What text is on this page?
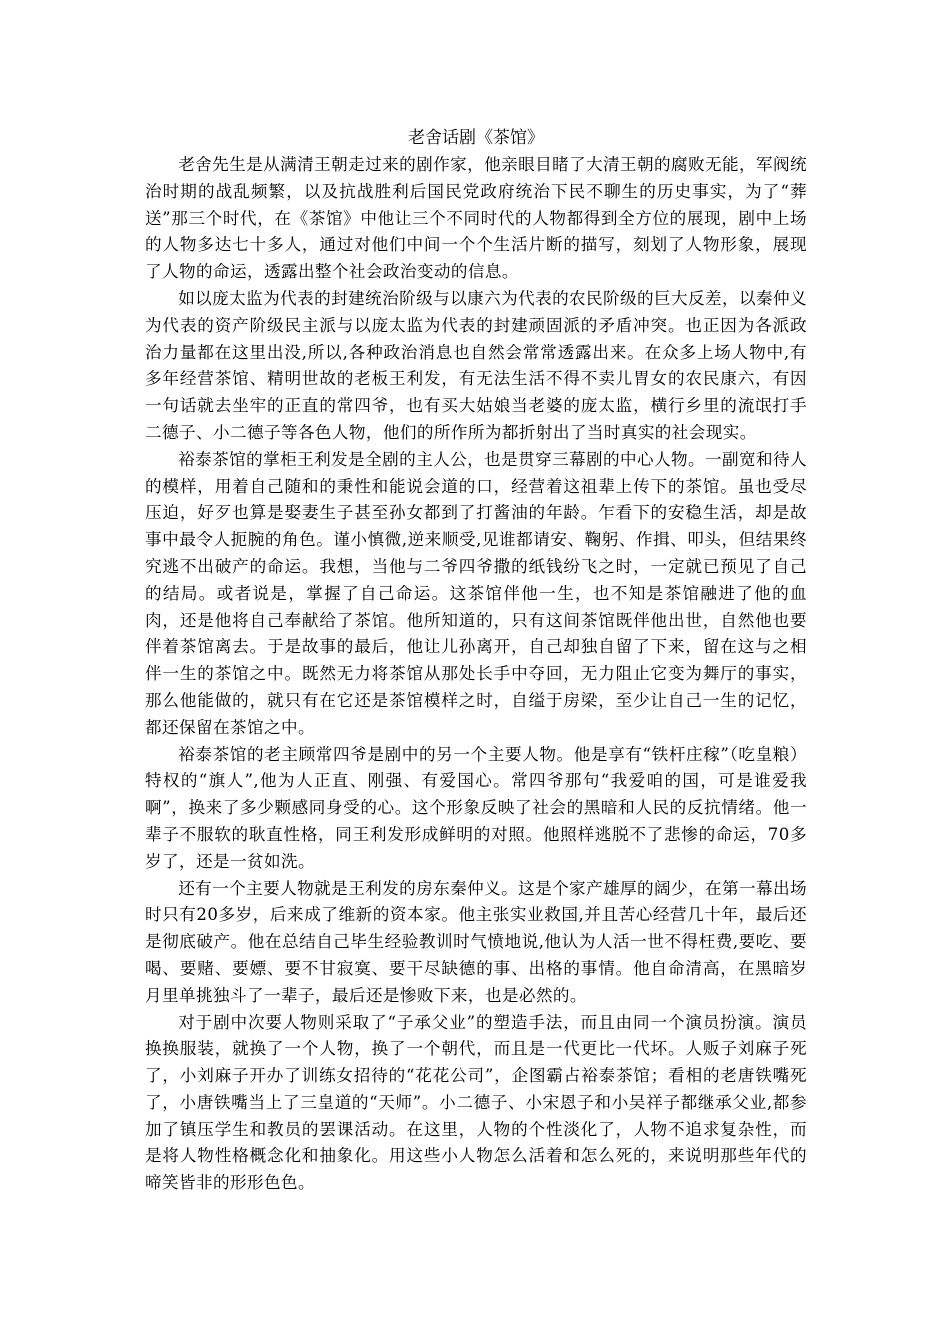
老舍话剧《茶馆》

老舍先生是从满清王朝走过来的剧作家，他亲眼目睹了大清王朝的腐败无能，军阀统治时期的战乱频繁，以及抗战胜利后国民党政府统治下民不聊生的历史事实，为了“葬送”那三个时代，在《茶馆》中他让三个不同时代的人物都得到全方位的展现，剧中上场的人物多达七十多人，通过对他们中间一个个生活片断的描写，刻划了人物形象，展现了人物的命运，透露出整个社会政治变动的信息。

如以庞太监为代表的封建统治阶级与以康六为代表的农民阶级的巨大反差，以秦仲义为代表的资产阶级民主派与以庞太监为代表的封建顽固派的矛盾冲突。也正因为各派政治力量都在这里出没,所以,各种政治消息也自然会常常透露出来。在众多上场人物中,有多年经营茶馆、精明世故的老板王利发，有无法生活不得不卖儿胃女的农民康六，有因一句话就去坐牢的正直的常四爷，也有买大姑娘当老婆的庞太监，横行乡里的流氓打手二德子、小二德子等各色人物，他们的所作所为都折射出了当时真实的社会现实。

裕泰茶馆的掌柜王利发是全剧的主人公，也是贯穿三幕剧的中心人物。一副宽和待人的模样，用着自己随和的秉性和能说会道的口，经营着这祖辈上传下的茶馆。虽也受尽压迫，好歹也算是娶妻生子甚至孙女都到了打酱油的年龄。乍看下的安稳生活，却是故事中最令人扼腕的角色。谨小慎微,逆来顺受,见谁都请安、鞠躬、作揖、叩头，但结果终究逃不出破产的命运。我想，当他与二爷四爷撒的纸钱纷飞之时，一定就已预见了自己的结局。或者说是，掌握了自己命运。这茶馆伴他一生，也不知是茶馆融进了他的血肉，还是他将自己奉献给了茶馆。他所知道的，只有这间茶馆既伴他出世，自然他也要伴着茶馆离去。于是故事的最后，他让儿孙离开，自己却独自留了下来，留在这与之相伴一生的茶馆之中。既然无力将茶馆从那处长手中夺回，无力阻止它变为舞厅的事实，那么他能做的，就只有在它还是茶馆模样之时，自缢于房梁，至少让自己一生的记忆，都还保留在茶馆之中。

裕泰茶馆的老主顾常四爷是剧中的另一个主要人物。他是享有“铁杆庄稼”（吃皇粮）特权的“旗人”,他为人正直、刚强、有爱国心。常四爷那句“我爱咱的国，可是谁爱我啊”，换来了多少颗感同身受的心。这个形象反映了社会的黑暗和人民的反抗情绪。他一辈子不服软的耿直性格，同王利发形成鲜明的对照。他照样逃脱不了悲惨的命运，70多岁了，还是一贫如洗。

还有一个主要人物就是王利发的房东秦仲义。这是个家产雄厚的阔少，在第一幕出场时只有20多岁，后来成了维新的资本家。他主张实业救国,并且苦心经营几十年，最后还是彻底破产。他在总结自己毕生经验教训时气愤地说,他认为人活一世不得枉费,要吃、要喝、要赌、要嫖、要不甘寂寞、要干尽缺德的事、出格的事情。他自命清高，在黑暗岁月里单挑独斗了一辈子，最后还是惨败下来，也是必然的。

对于剧中次要人物则采取了“子承父业”的塑造手法，而且由同一个演员扮演。演员换换服装，就换了一个人物，换了一个朝代，而且是一代更比一代坏。人贩子刘麻子死了，小刘麻子开办了训练女招待的“花花公司”，企图霸占裕泰茶馆；看相的老唐铁嘴死了，小唐铁嘴当上了三皇道的“天师”。小二德子、小宋恩子和小吴祥子都继承父业,都参加了镇压学生和教员的罢课活动。在这里，人物的个性淡化了，人物不追求复杂性，而是将人物性格概念化和抽象化。用这些小人物怎么活着和怎么死的，来说明那些年代的啼笑皆非的形形色色。
